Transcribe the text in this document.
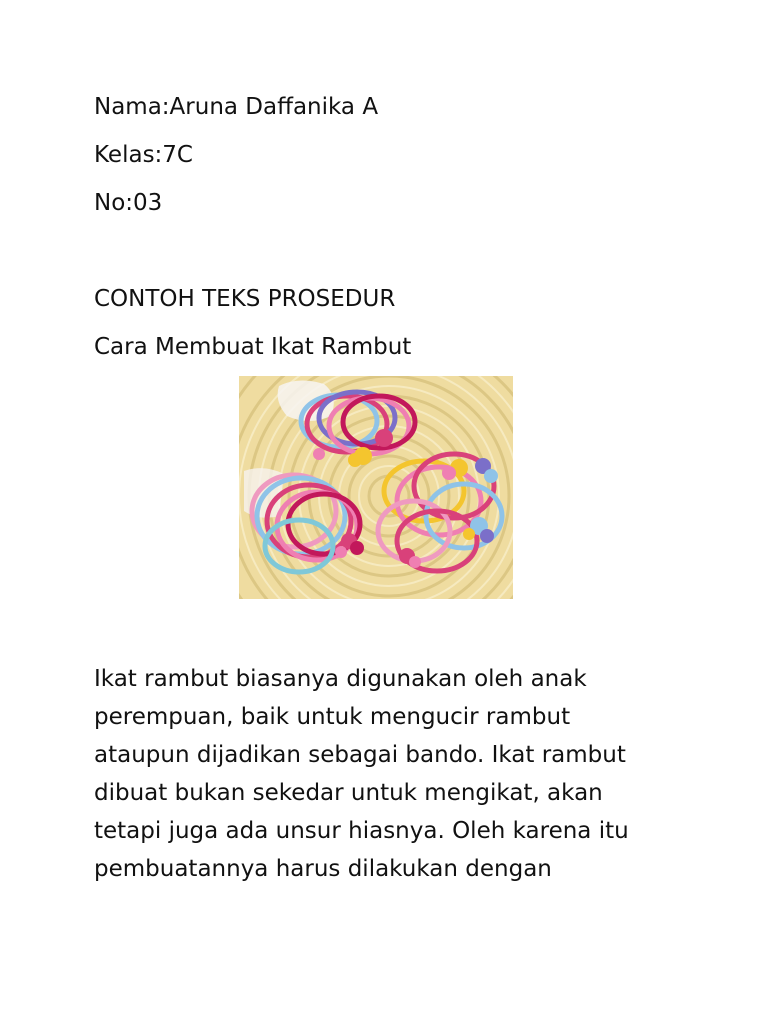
Nama:Aruna Daffanika A

Kelas:7C

No:03

CONTOH TEKS PROSEDUR

Cara Membuat Ikat Rambut

Ikat rambut biasanya digunakan oleh anak
perempuan, baik untuk mengucir rambut
ataupun dijadikan sebagai bando. Ikat rambut
dibuat bukan sekedar untuk mengikat, akan
tetapi juga ada unsur hiasnya. Oleh karena itu
pembuatannya harus dilakukan dengan
